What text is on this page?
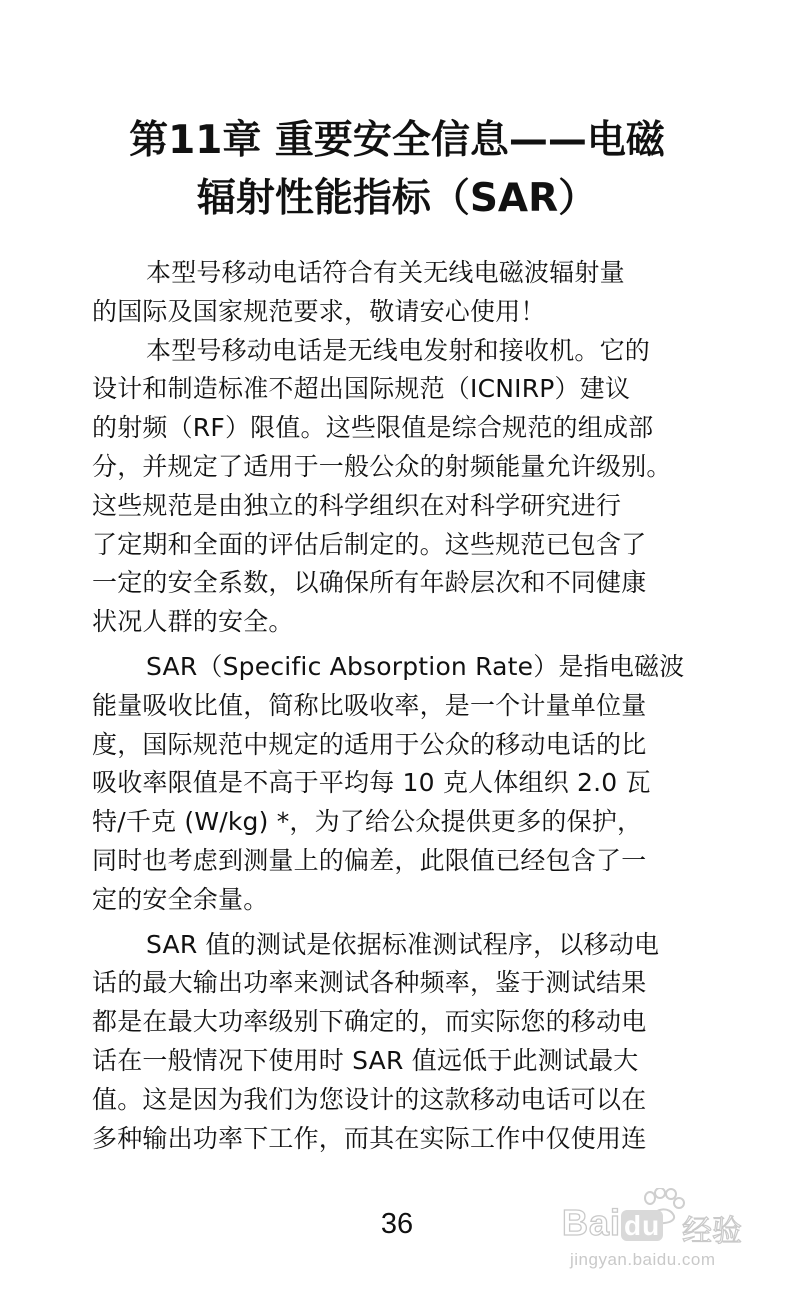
第11章 重要安全信息——电磁
辐射性能指标（SAR）

本型号移动电话符合有关无线电磁波辐射量
的国际及国家规范要求，敬请安心使用！

本型号移动电话是无线电发射和接收机。它的
设计和制造标准不超出国际规范（ICNIRP）建议
的射频（RF）限值。这些限值是综合规范的组成部
分，并规定了适用于一般公众的射频能量允许级别。
这些规范是由独立的科学组织在对科学研究进行
了定期和全面的评估后制定的。这些规范已包含了
一定的安全系数，以确保所有年龄层次和不同健康
状况人群的安全。

SAR（Specific Absorption Rate）是指电磁波
能量吸收比值，简称比吸收率，是一个计量单位量
度，国际规范中规定的适用于公众的移动电话的比
吸收率限值是不高于平均每 10 克人体组织 2.0 瓦
特/千克 (W/kg) *，为了给公众提供更多的保护，
同时也考虑到测量上的偏差，此限值已经包含了一
定的安全余量。

SAR 值的测试是依据标准测试程序，以移动电
话的最大输出功率来测试各种频率，鉴于测试结果
都是在最大功率级别下确定的，而实际您的移动电
话在一般情况下使用时 SAR 值远低于此测试最大
值。这是因为我们为您设计的这款移动电话可以在
多种输出功率下工作，而其在实际工作中仅使用连

36	Bai du 经验
jingyan.baidu.com
